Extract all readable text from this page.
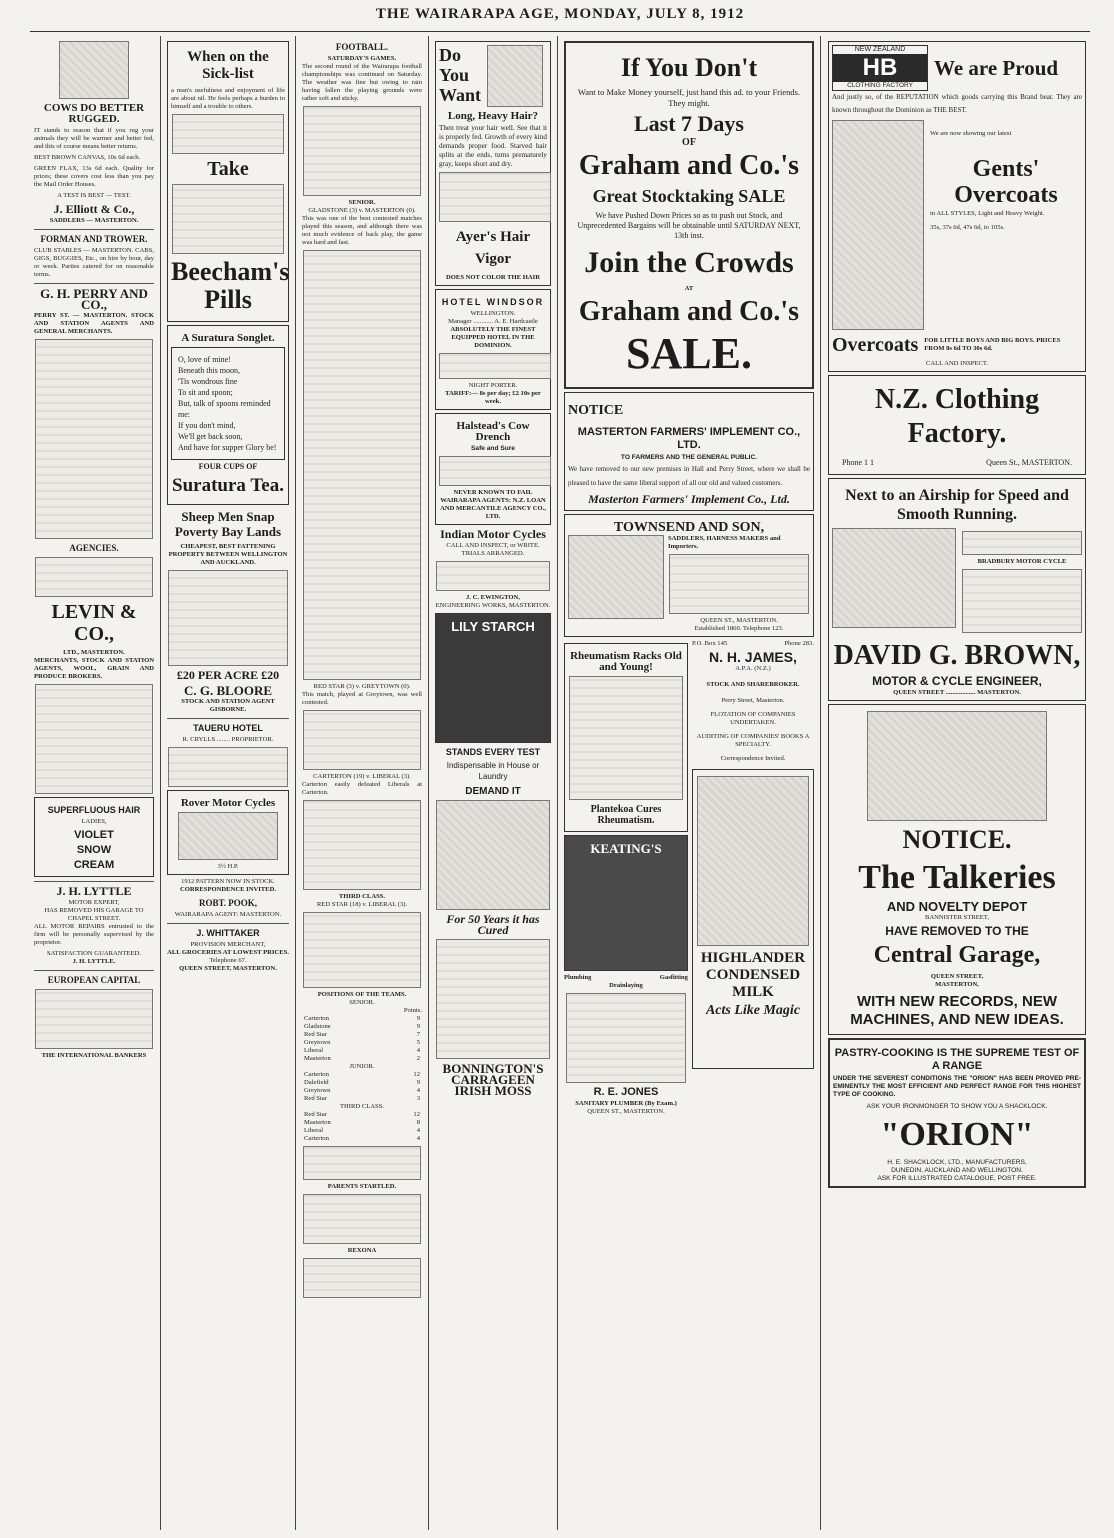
THE WAIRARAPA AGE, MONDAY, JULY 8, 1912
COWS DO BETTER RUGGED.
IT stands to reason that if you rug your animals they will be warmer and better fed, and this of course means better returns.
BEST BROWN CANVAS, 10s 6d each.
GREEN FLAX, 13s 6d each. Quality for prices; these covers cost less than you pay the Mail Order Houses.
A TEST IS BEST — TEST.
J. Elliott & Co.,
SADDLERS — MASTERTON.
FORMAN AND TROWER.
CLUB STABLES — MASTERTON. CABS, GIGS, BUGGIES, Etc., on hire by hour, day or week. Parties catered for on reasonable terms.
G. H. PERRY AND CO.,
PERRY ST. — MASTERTON. STOCK AND STATION AGENTS AND GENERAL MERCHANTS.
AGENCIES.
LEVIN & CO.,
LTD., MASTERTON.
MERCHANTS, STOCK AND STATION AGENTS, WOOL, GRAIN AND PRODUCE BROKERS.
SUPERFLUOUS HAIR
LADIES,
VIOLET
SNOW
CREAM
J. H. LYTTLE
MOTOR EXPERT,
HAS REMOVED HIS GARAGE TO CHAPEL STREET.
ALL MOTOR REPAIRS entrusted to the firm will be personally supervised by the proprietor.
SATISFACTION GUARANTEED.
J. H. LYTTLE.
EUROPEAN CAPITAL
THE INTERNATIONAL BANKERS
When on the Sick-list
a man's usefulness and enjoyment of life are about nil. He feels perhaps a burden to himself and a trouble to others.
Take
Beecham's Pills
A Suratura Songlet.
O, love of mine!
Beneath this moon,
'Tis wondrous fine
To sit and spoon;
But, talk of spoons reminded me:
If you don't mind,
We'll get back soon,
And have for supper Glory be!
FOUR CUPS OF
Suratura Tea.
Sheep Men Snap Poverty Bay Lands
CHEAPEST, BEST FATTENING PROPERTY BETWEEN WELLINGTON AND AUCKLAND.
£20 PER ACRE £20
C. G. BLOORE
STOCK AND STATION AGENT GISBORNE.
TAUERU HOTEL
R. CRYLLS ........ PROPRIETOR.
Rover Motor Cycles
3½ H.P.
1912 PATTERN NOW IN STOCK.
CORRESPONDENCE INVITED.
ROBT. POOK,
WAIRARAPA AGENT: MASTERTON.
J. WHITTAKER
PROVISION MERCHANT,
ALL GROCERIES AT LOWEST PRICES.
Telephone 67.
QUEEN STREET, MASTERTON.
FOOTBALL.
SATURDAY'S GAMES.
The second round of the Wairarapa football championships was continued on Saturday. The weather was fine but owing to rain having fallen the playing grounds were rather soft and sticky.
SENIOR.
GLADSTONE (3) v. MASTERTON (0).
This was one of the best contested matches played this season, and although there was not much evidence of back play, the game was hard and fast.
RED STAR (3) v. GREYTOWN (0).
This match, played at Greytown, was well contested.
CARTERTON (19) v. LIBERAL (3).
Carterton easily defeated Liberals at Carterton.
THIRD CLASS.
RED STAR (18) v. LIBERAL (3).
POSITIONS OF THE TEAMS.
SENIOR.
Points.
Carterton	9
Gladstone	9
Red Star	7
Greytown	5
Liberal	4
Masterton	2
JUNIOR.
Carterton	12
Dalefield	9
Greytown	4
Red Star	3
THIRD CLASS.
Red Star	12
Masterton	8
Liberal	4
Carterton	4
PARENTS STARTLED.
REXONA
Do
You
Want
Long, Heavy Hair?
Then treat your hair well. See that it is properly fed. Growth of every kind demands proper food. Starved hair splits at the ends, turns prematurely gray, keeps short and dry.
Ayer's Hair Vigor
DOES NOT COLOR THE HAIR
HOTEL WINDSOR
WELLINGTON.
Manager ............ A. E. Hardcastle
ABSOLUTELY THE FINEST EQUIPPED HOTEL IN THE DOMINION.
NIGHT PORTER.
TARIFF:— 8s per day; £2 10s per week.
Halstead's Cow Drench
Safe and Sure
NEVER KNOWN TO FAIL
WAIRARAPA AGENTS: N.Z. LOAN AND MERCANTILE AGENCY CO., LTD.
Indian Motor Cycles
CALL AND INSPECT, or WRITE.
TRIALS ARRANGED.
J. C. EWINGTON,
ENGINEERING WORKS, MASTERTON.
LILY STARCH
STANDS EVERY TEST
Indispensable in House or Laundry
DEMAND IT
For 50 Years it has Cured
BONNINGTON'S CARRAGEEN IRISH MOSS
If You Don't
Want to Make Money yourself, just hand this ad. to your Friends. They might.
Last 7 Days
OF
Graham and Co.'s
Great Stocktaking SALE
We have Pushed Down Prices so as to push out Stock, and Unprecedented Bargains will be obtainable until SATURDAY NEXT, 13th inst.
Join the Crowds
AT
Graham and Co.'s
SALE.
NOTICE
MASTERTON FARMERS' IMPLEMENT CO., LTD.
TO FARMERS AND THE GENERAL PUBLIC.
We have removed to our new premises in Hall and Perry Street, where we shall be pleased to have the same liberal support of all our old and valued customers.
Masterton Farmers' Implement Co., Ltd.
TOWNSEND AND SON,
SADDLERS, HARNESS MAKERS and Importers.
QUEEN ST., MASTERTON.
Established 1860. Telephone 123.
Rheumatism Racks Old and Young!
Plantekoa Cures Rheumatism.
KEATING'S
Plumbing	Gasfitting
Drainlaying
R. E. JONES
SANITARY PLUMBER (By Exam.)
QUEEN ST., MASTERTON.
P.O. Box 145	Phone 283.
N. H. JAMES,
A.P.A. (N.Z.)
STOCK AND SHAREBROKER.
Perry Street, Masterton.
FLOTATION OF COMPANIES UNDERTAKEN.
AUDITING OF COMPANIES' BOOKS A SPECIALTY.
Correspondence Invited.
HIGHLANDER CONDENSED MILK
Acts Like Magic
NEW ZEALAND
HB
CLOTHING FACTORY
We are Proud
And justly so, of the REPUTATION which goods carrying this Brand bear. They are known throughout the Dominion as THE BEST.
We are now showing our latest
Gents'
Overcoats
in ALL STYLES, Light and Heavy Weight.
35s, 37s 6d, 47s 6d, to 105s.
Overcoats FOR LITTLE BOYS AND BIG BOYS. PRICES FROM 8s 6d TO 30s 6d.
CALL AND INSPECT.
N.Z. Clothing Factory.
Phone 1 1	Queen St., MASTERTON.
Next to an Airship for Speed and Smooth Running.
BRADBURY MOTOR CYCLE
DAVID G. BROWN,
MOTOR & CYCLE ENGINEER,
QUEEN STREET .................. MASTERTON.
NOTICE.
The Talkeries
AND NOVELTY DEPOT
BANNISTER STREET,
HAVE REMOVED TO THE
Central Garage,
QUEEN STREET,
MASTERTON,
WITH NEW RECORDS, NEW MACHINES, AND NEW IDEAS.
PASTRY-COOKING IS THE SUPREME TEST OF A RANGE
UNDER THE SEVEREST CONDITIONS THE "ORION" HAS BEEN PROVED PRE-EMINENTLY THE MOST EFFICIENT AND PERFECT RANGE FOR THIS HIGHEST TYPE OF COOKING.
ASK YOUR IRONMONGER TO SHOW YOU A SHACKLOCK.
"ORION"
H. E. SHACKLOCK, LTD., MANUFACTURERS,
DUNEDIN, AUCKLAND AND WELLINGTON.
ASK FOR ILLUSTRATED CATALOGUE, POST FREE.
